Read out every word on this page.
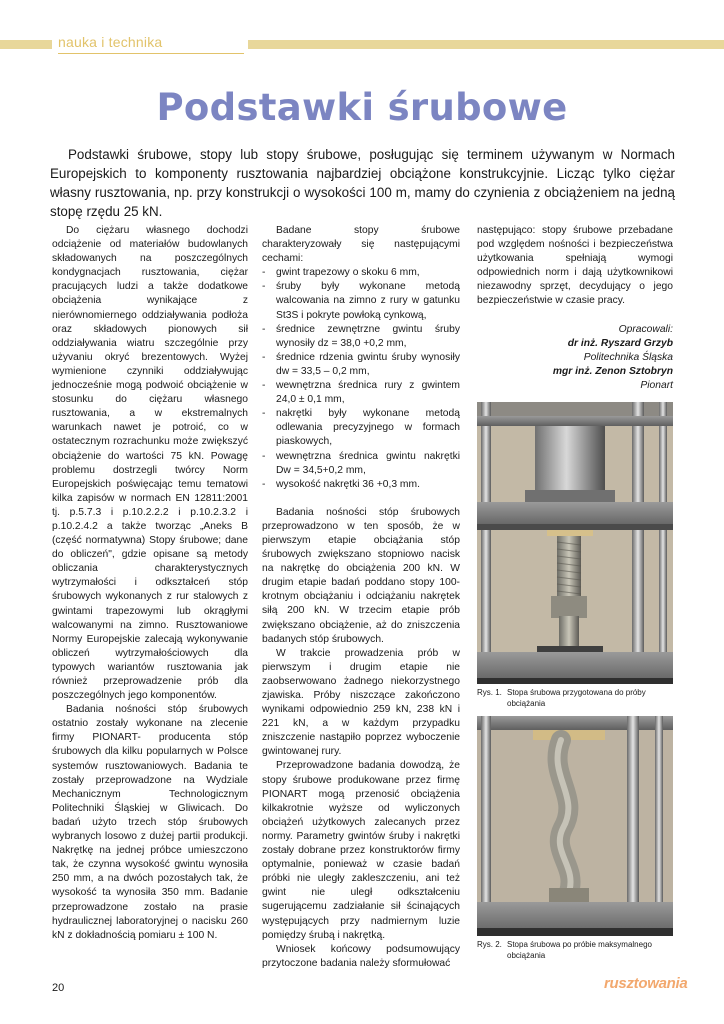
nauka i technika
Podstawki śrubowe
Podstawki śrubowe, stopy lub stopy śrubowe, posługując się terminem używanym w Normach Europejskich to komponenty rusztowania najbardziej obciążone konstrukcyjnie. Licząc tylko ciężar własny rusztowania, np. przy konstrukcji o wysokości 100 m, mamy do czynienia z obciążeniem na jedną stopę rzędu 25 kN.

Do ciężaru własnego dochodzi odciążenie od materiałów budowlanych składowanych na poszczególnych kondygnacjach rusztowania, ciężar pracujących ludzi a także dodatkowe obciążenia wynikające z nierównomiernego oddziaływania podłoża oraz składowych pionowych sił oddziaływania wiatru szczególnie przy użyvaniu okryć brezentowych. Wyżej wymienione czynniki oddziaływując jednocześnie mogą podwoić obciążenie w stosunku do ciężaru własnego rusztowania, a w ekstremalnych warunkach nawet je potroić, co w ostatecznym rozrachunku może zwiększyć obciążenie do wartości 75 kN. Powagę problemu dostrzegli twórcy Norm Europejskich poświęcając temu tematowi kilka zapisów w normach EN 12811:2001 tj. p.5.7.3 i p.10.2.2.2 i p.10.2.3.2 i p.10.2.4.2 a także tworząc „Aneks B (część normatywna) Stopy śrubowe; dane do obliczeń", gdzie opisane są metody obliczania charakterystycznych wytrzymałości i odkształceń stóp śrubowych wykonanych z rur stalowych z gwintami trapezowymi lub okrągłymi walcowanymi na zimno. Rusztowaniowe Normy Europejskie zalecają wykonywanie obliczeń wytrzymałościowych dla typowych wariantów rusztowania jak również przeprowadzenie prób dla poszczególnych jego komponentów.

Badania nośności stóp śrubowych ostatnio zostały wykonane na zlecenie firmy PIONART- producenta stóp śrubowych dla kilku popularnych w Polsce systemów rusztowaniowych. Badania te zostały przeprowadzone na Wydziale Mechanicznym Technologicznym Politechniki Śląskiej w Gliwicach. Do badań użyto trzech stóp śrubowych wybranych losowo z dużej partii produkcji. Nakrętkę na jednej próbce umieszczono tak, że czynna wysokość gwintu wynosiła 250 mm, a na dwóch pozostałych tak, że wysokość ta wynosiła 350 mm. Badanie przeprowadzone zostało na prasie hydraulicznej laboratoryjnej o nacisku 260 kN z dokładnością pomiaru ± 100 N.

Badane stopy śrubowe charakteryzowały się następującymi cechami:

- gwint trapezowy o skoku 6 mm,
- śruby były wykonane metodą walcowania na zimno z rury w gatunku St3S i pokryte powłoką cynkową,
- średnice zewnętrzne gwintu śruby wynosiły dz = 38,0 +0,2 mm,
- średnice rdzenia gwintu śruby wynosiły dw = 33,5 – 0,2 mm,
- wewnętrzna średnica rury z gwintem 24,0 ± 0,1 mm,
- nakrętki były wykonane metodą odlewania precyzyjnego w formach piaskowych,
- wewnętrzna średnica gwintu nakrętki Dw = 34,5+0,2 mm,
- wysokość nakrętki 36 +0,3 mm.

Badania nośności stóp śrubowych przeprowadzono w ten sposób, że w pierwszym etapie obciążania stóp śrubowych zwiększano stopniowo nacisk na nakrętkę do obciążenia 200 kN. W drugim etapie badań poddano stopy 100-krotnym obciążaniu i odciążaniu nakrętek siłą 200 kN. W trzecim etapie prób zwiększano obciążenie, aż do zniszczenia badanych stóp śrubowych.

W trakcie prowadzenia prób w pierwszym i drugim etapie nie zaobserwowano żadnego niekorzystnego zjawiska. Próby niszczące zakończono wynikami odpowiednio 259 kN, 238 kN i 221 kN, a w każdym przypadku zniszczenie nastąpiło poprzez wyboczenie gwintowanej rury.

Przeprowadzone badania dowodzą, że stopy śrubowe produkowane przez firmę PIONART mogą przenosić obciążenia kilkakrotnie wyższe od wyliczonych obciążeń użytkowych zalecanych przez normy. Parametry gwintów śruby i nakrętki zostały dobrane przez konstruktorów firmy optymalnie, ponieważ w czasie badań próbki nie uległy zakleszczeniu, ani też gwint nie uległ odkształceniu sugerującemu zadziałanie sił ścinających występujących przy nadmiernym luzie pomiędzy śrubą i nakrętką.

Wniosek końcowy podsumowujący przytoczone badania należy sformułować

następująco: stopy śrubowe przebadane pod względem nośności i bezpieczeństwa użytkowania spełniają wymogi odpowiednich norm i dają użytkownikowi niezawodny sprzęt, decydujący o jego bezpieczeństwie w czasie pracy.

Opracowali:
dr inż. Ryszard Grzyb
Politechnika Śląska
mgr inż. Zenon Sztobryn
Pionart
Rys. 1. Stopa śrubowa przygotowana do próby obciążania
Rys. 2. Stopa śrubowa po próbie maksymalnego obciążania
20	rusztowania
